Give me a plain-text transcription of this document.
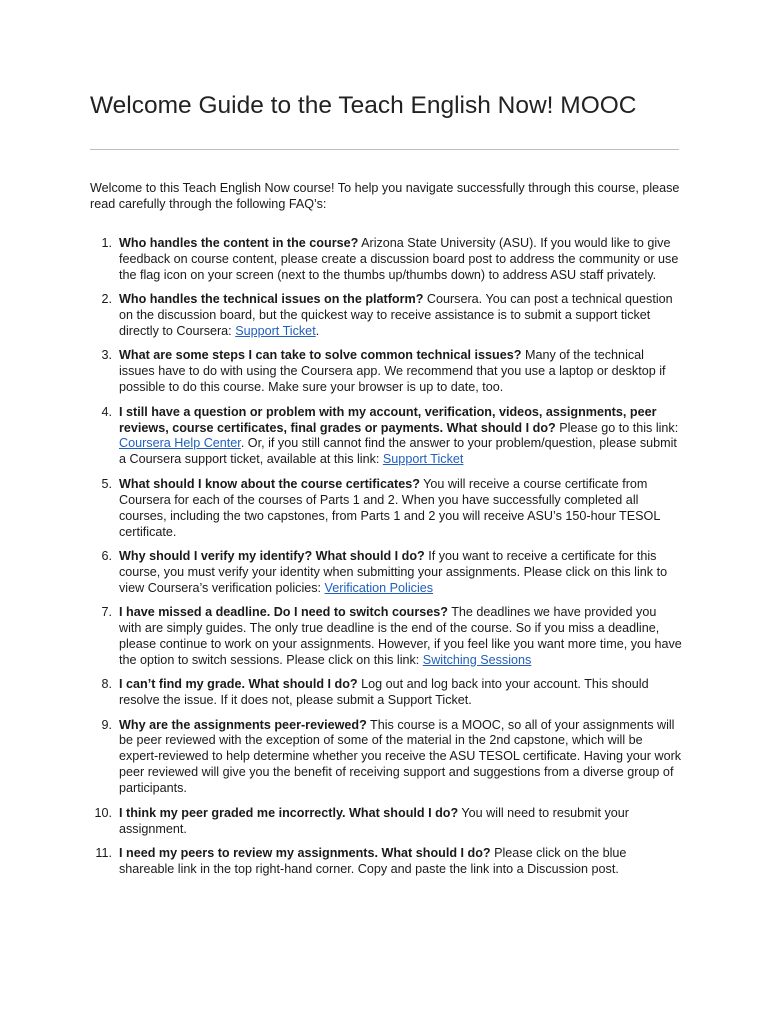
Welcome Guide to the Teach English Now! MOOC

Welcome to this Teach English Now course! To help you navigate successfully through this course, please read carefully through the following FAQ’s:

1. Who handles the content in the course? Arizona State University (ASU). If you would like to give feedback on course content, please create a discussion board post to address the community or use the flag icon on your screen (next to the thumbs up/thumbs down) to address ASU staff privately.
2. Who handles the technical issues on the platform? Coursera. You can post a technical question on the discussion board, but the quickest way to receive assistance is to submit a support ticket directly to Coursera: Support Ticket.
3. What are some steps I can take to solve common technical issues? Many of the technical issues have to do with using the Coursera app. We recommend that you use a laptop or desktop if possible to do this course. Make sure your browser is up to date, too.
4. I still have a question or problem with my account, verification, videos, assignments, peer reviews, course certificates, final grades or payments. What should I do? Please go to this link: Coursera Help Center. Or, if you still cannot find the answer to your problem/question, please submit a Coursera support ticket, available at this link: Support Ticket
5. What should I know about the course certificates? You will receive a course certificate from Coursera for each of the courses of Parts 1 and 2. When you have successfully completed all courses, including the two capstones, from Parts 1 and 2 you will receive ASU’s 150-hour TESOL certificate.
6. Why should I verify my identify? What should I do? If you want to receive a certificate for this course, you must verify your identity when submitting your assignments. Please click on this link to view Coursera’s verification policies: Verification Policies
7. I have missed a deadline. Do I need to switch courses? The deadlines we have provided you with are simply guides. The only true deadline is the end of the course. So if you miss a deadline, please continue to work on your assignments. However, if you feel like you want more time, you have the option to switch sessions. Please click on this link: Switching Sessions
8. I can’t find my grade. What should I do? Log out and log back into your account. This should resolve the issue. If it does not, please submit a Support Ticket.
9. Why are the assignments peer-reviewed? This course is a MOOC, so all of your assignments will be peer reviewed with the exception of some of the material in the 2nd capstone, which will be expert-reviewed to help determine whether you receive the ASU TESOL certificate. Having your work peer reviewed will give you the benefit of receiving support and suggestions from a diverse group of participants.
10. I think my peer graded me incorrectly. What should I do? You will need to resubmit your assignment.
11. I need my peers to review my assignments. What should I do? Please click on the blue shareable link in the top right-hand corner. Copy and paste the link into a Discussion post.
